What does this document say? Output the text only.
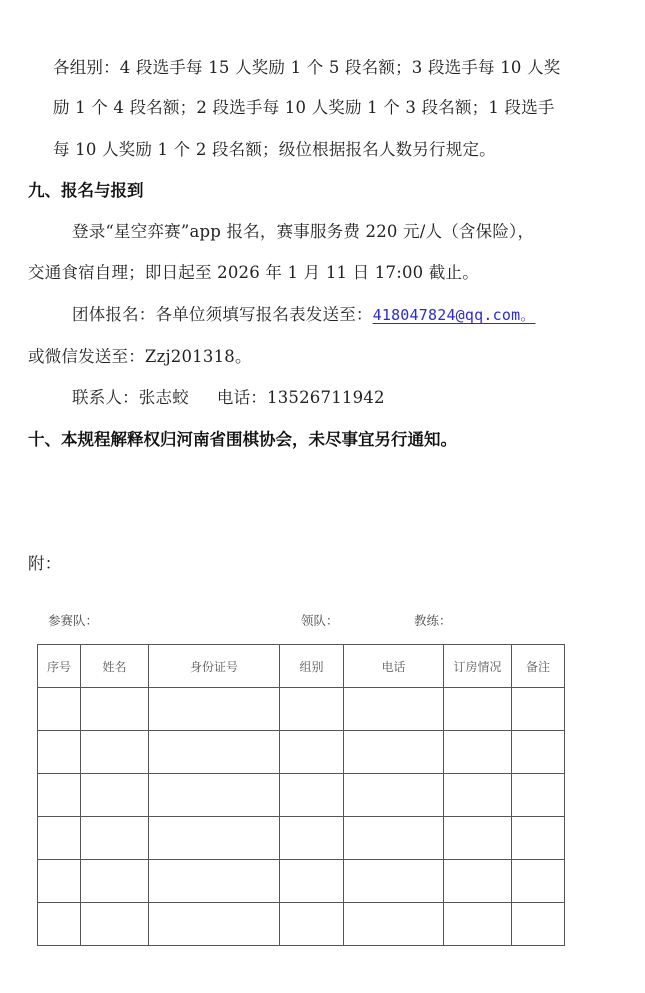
各组别：4 段选手每 15 人奖励 1 个 5 段名额；3 段选手每 10 人奖
励 1 个 4 段名额；2 段选手每 10 人奖励 1 个 3 段名额；1 段选手
每 10 人奖励 1 个 2 段名额；级位根据报名人数另行规定。
九、报名与报到
登录“星空弈赛”app 报名，赛事服务费 220 元/人（含保险），
交通食宿自理；即日起至 2026 年 1 月 11 日 17:00 截止。
团体报名：各单位须填写报名表发送至：418047824@qq.com。
或微信发送至：Zzj201318。
联系人：张志蛟 电话：13526711942
十、本规程解释权归河南省围棋协会，未尽事宜另行通知。
附：
参赛队：	领队：	教练：
序号	姓名	身份证号	组别	电话	订房情况	备注
